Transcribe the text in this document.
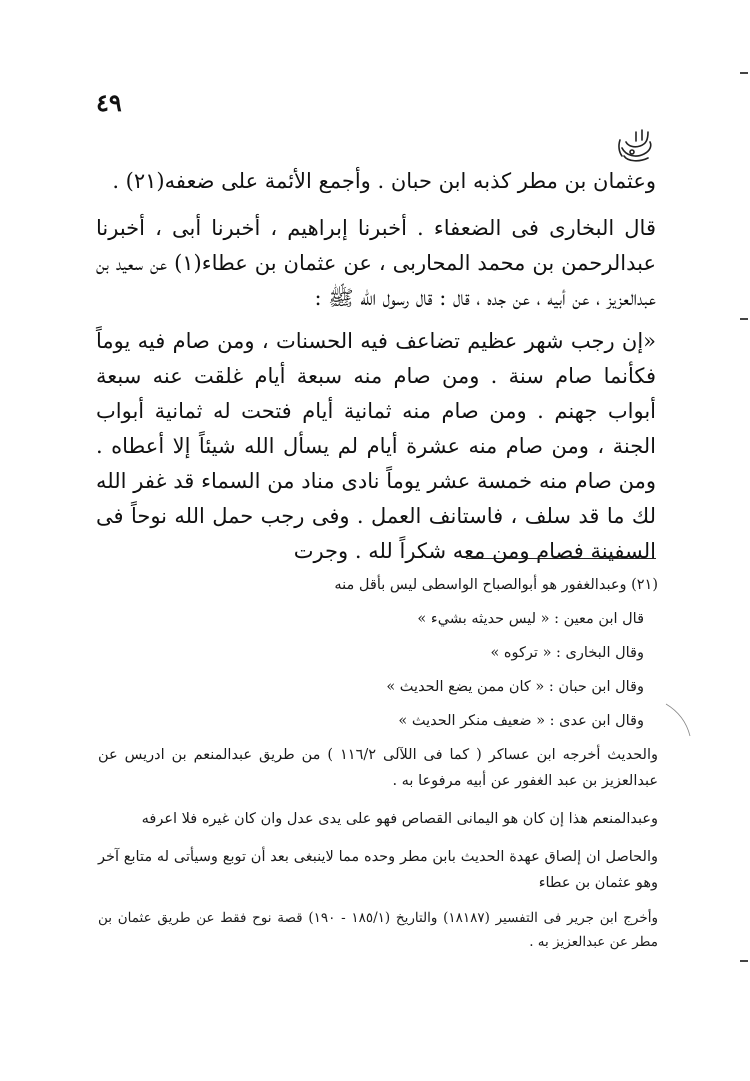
٤٩

وعثمان بن مطر كذبه ابن حبان . وأجمع الأئمة على ضعفه(٢١) .

قال البخارى فى الضعفاء . أخبرنا إبراهيم ، أخبرنا أبى ، أخبرنا عبدالرحمن بن محمد المحاربى ، عن عثمان بن عطاء(١) عن سعيد بن عبدالعزيز ، عن أبيه ، عن جده ، قال : قال رسول الله ﷺ :

«إن رجب شهر عظيم تضاعف فيه الحسنات ، ومن صام فيه يوماً فكأنما صام سنة . ومن صام منه سبعة أيام غلقت عنه سبعة أبواب جهنم . ومن صام منه ثمانية أيام فتحت له ثمانية أبواب الجنة ، ومن صام منه عشرة أيام لم يسأل الله شيئاً إلا أعطاه . ومن صام منه خمسة عشر يوماً نادى مناد من السماء قد غفر الله لك ما قد سلف ، فاستانف العمل . وفى رجب حمل الله نوحاً فى السفينة فصام ومن معه شكراً لله . وجرت

(٢١) وعبدالغفور هو أبوالصباح الواسطى ليس بأقل منه

قال ابن معين : « ليس حديثه بشيء »

وقال البخارى : « تركوه »

وقال ابن حبان : « كان ممن يضع الحديث »

وقال ابن عدى : « ضعيف منكر الحديث »

والحديث أخرجه ابن عساكر ( كما فى اللآلى ١١٦/٢ ) من طريق عبدالمنعم بن ادريس عن عبدالعزيز بن عبد الغفور عن أبيه مرفوعا به .

وعبدالمنعم هذا إن كان هو اليمانى القصاص فهو على يدى عدل وان كان غيره فلا اعرفه

والحاصل ان إلصاق عهدة الحديث بابن مطر وحده مما لاينبغى بعد أن توبع وسيأتى له متابع آخر وهو عثمان بن عطاء

وأخرج ابن جرير فى التفسير (١٨١٨٧) والتاريخ (١٨٥/١ - ١٩٠) قصة نوح فقط عن طريق عثمان بن مطر عن عبدالعزيز به .
